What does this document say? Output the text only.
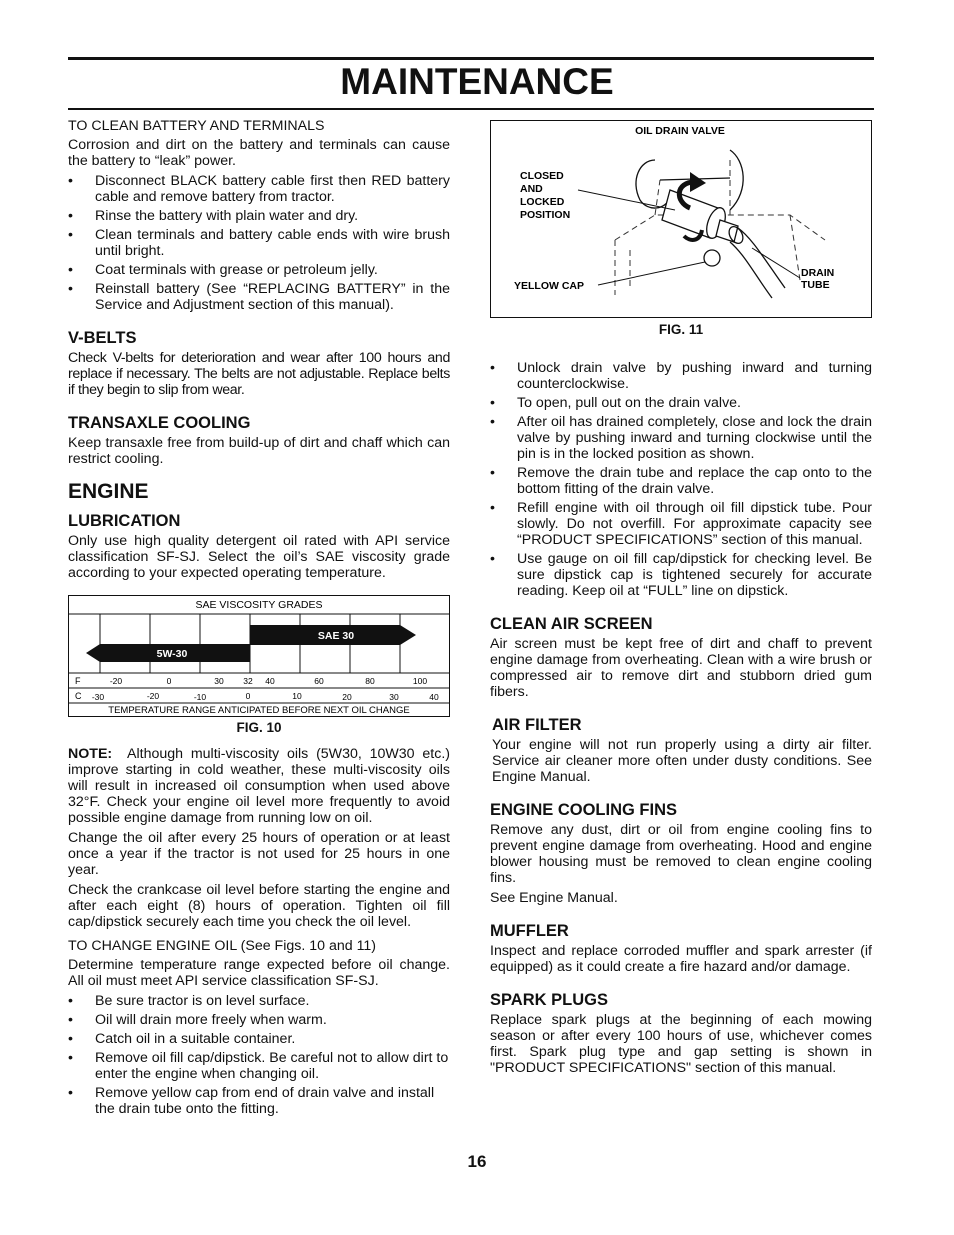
MAINTENANCE

TO CLEAN BATTERY AND TERMINALS

Corrosion and dirt on the battery and terminals can cause the battery to “leak” power.

• Disconnect BLACK battery cable first then RED battery cable and remove battery from tractor.
• Rinse the battery with plain water and dry.
• Clean terminals and battery cable ends with wire brush until bright.
• Coat terminals with grease or petroleum jelly.
• Reinstall battery (See “REPLACING BATTERY” in the Service and Adjustment section of this manual).
V-BELTS

Check V-belts for deterioration and wear after 100 hours and replace if necessary. The belts are not adjustable. Replace belts if they begin to slip from wear.

TRANSAXLE COOLING

Keep transaxle free from build-up of dirt and chaff which can restrict cooling.

ENGINE
LUBRICATION

Only use high quality detergent oil rated with API service classification SF-SJ. Select the oil’s SAE viscosity grade according to your expected operating temperature.

SAE VISCOSITY GRADES
SAE 30
5W-30
F
C
-20	0	30 32 40	60	80	100
-30	-20	-10	0	10	20	30	40
TEMPERATURE RANGE ANTICIPATED BEFORE NEXT OIL CHANGE
FIG. 10

NOTE: Although multi-viscosity oils (5W30, 10W30 etc.) improve starting in cold weather, these multi-viscosity oils will result in increased oil consumption when used above 32°F. Check your engine oil level more frequently to avoid possible engine damage from running low on oil.

Change the oil after every 25 hours of operation or at least once a year if the tractor is not used for 25 hours in one year.

Check the crankcase oil level before starting the engine and after each eight (8) hours of operation. Tighten oil fill cap/dipstick securely each time you check the oil level.

TO CHANGE ENGINE OIL (See Figs. 10 and 11)

Determine temperature range expected before oil change. All oil must meet API service classification SF-SJ.

• Be sure tractor is on level surface.
• Oil will drain more freely when warm.
• Catch oil in a suitable container.
• Remove oil fill cap/dipstick. Be careful not to allow dirt to enter the engine when changing oil.
• Remove yellow cap from end of drain valve and install the drain tube onto the fitting.
OIL DRAIN VALVE
CLOSED
AND
LOCKED
POSITION
YELLOW CAP
DRAIN
TUBE
FIG. 11
• Unlock drain valve by pushing inward and turning counterclockwise.
• To open, pull out on the drain valve.
• After oil has drained completely, close and lock the drain valve by pushing inward and turning clockwise until the pin is in the locked position as shown.
• Remove the drain tube and replace the cap onto to the bottom fitting of the drain valve.
• Refill engine with oil through oil fill dipstick tube. Pour slowly. Do not overfill. For approximate capacity see “PRODUCT SPECIFICATIONS” section of this manual.
• Use gauge on oil fill cap/dipstick for checking level. Be sure dipstick cap is tightened securely for accurate reading. Keep oil at “FULL” line on dipstick.
CLEAN AIR SCREEN

Air screen must be kept free of dirt and chaff to prevent engine damage from overheating. Clean with a wire brush or compressed air to remove dirt and stubborn dried gum fibers.

AIR FILTER

Your engine will not run properly using a dirty air filter. Service air cleaner more often under dusty conditions. See Engine Manual.

ENGINE COOLING FINS

Remove any dust, dirt or oil from engine cooling fins to prevent engine damage from overheating. Hood and engine blower housing must be removed to clean engine cooling fins.

See Engine Manual.

MUFFLER

Inspect and replace corroded muffler and spark arrester (if equipped) as it could create a fire hazard and/or damage.

SPARK PLUGS

Replace spark plugs at the beginning of each mowing season or after every 100 hours of use, whichever comes first. Spark plug type and gap setting is shown in "PRODUCT SPECIFICATIONS" section of this manual.

16
